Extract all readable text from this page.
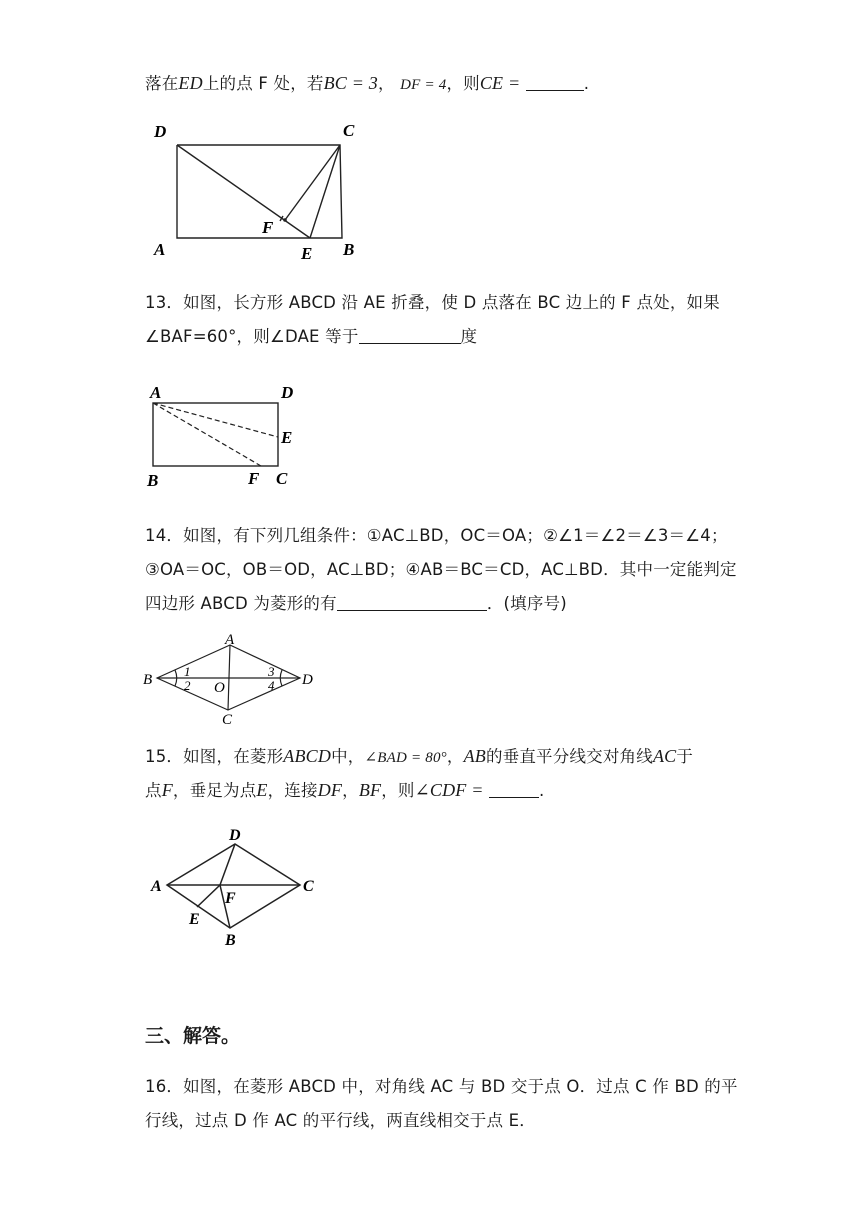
落在ED上的点 F 处，若BC = 3， DF = 4，则CE =	.
D	C
A
F
E B
13．如图，长方形 ABCD 沿 AE 折叠，使 D 点落在 BC 边上的 F 点处，如果
∠BAF=60°，则∠DAE 等于	度
A	D
E
B	F C
14．如图，有下列几组条件：①AC⊥BD，OC＝OA；②∠1＝∠2＝∠3＝∠4；
③OA＝OC，OB＝OD，AC⊥BD；④AB＝BC＝CD，AC⊥BD．其中一定能判定
四边形 ABCD 为菱形的有	．(填序号)
A
B	D
C
O
1
2
3
4
15．如图，在菱形ABCD中，∠BAD = 80°，AB的垂直平分线交对角线AC于
点F，垂足为点E，连接DF，BF，则∠CDF =	.
D
A
F
C
E
B
三、解答。
16．如图，在菱形 ABCD 中，对角线 AC 与 BD 交于点 O．过点 C 作 BD 的平
行线，过点 D 作 AC 的平行线，两直线相交于点 E．
